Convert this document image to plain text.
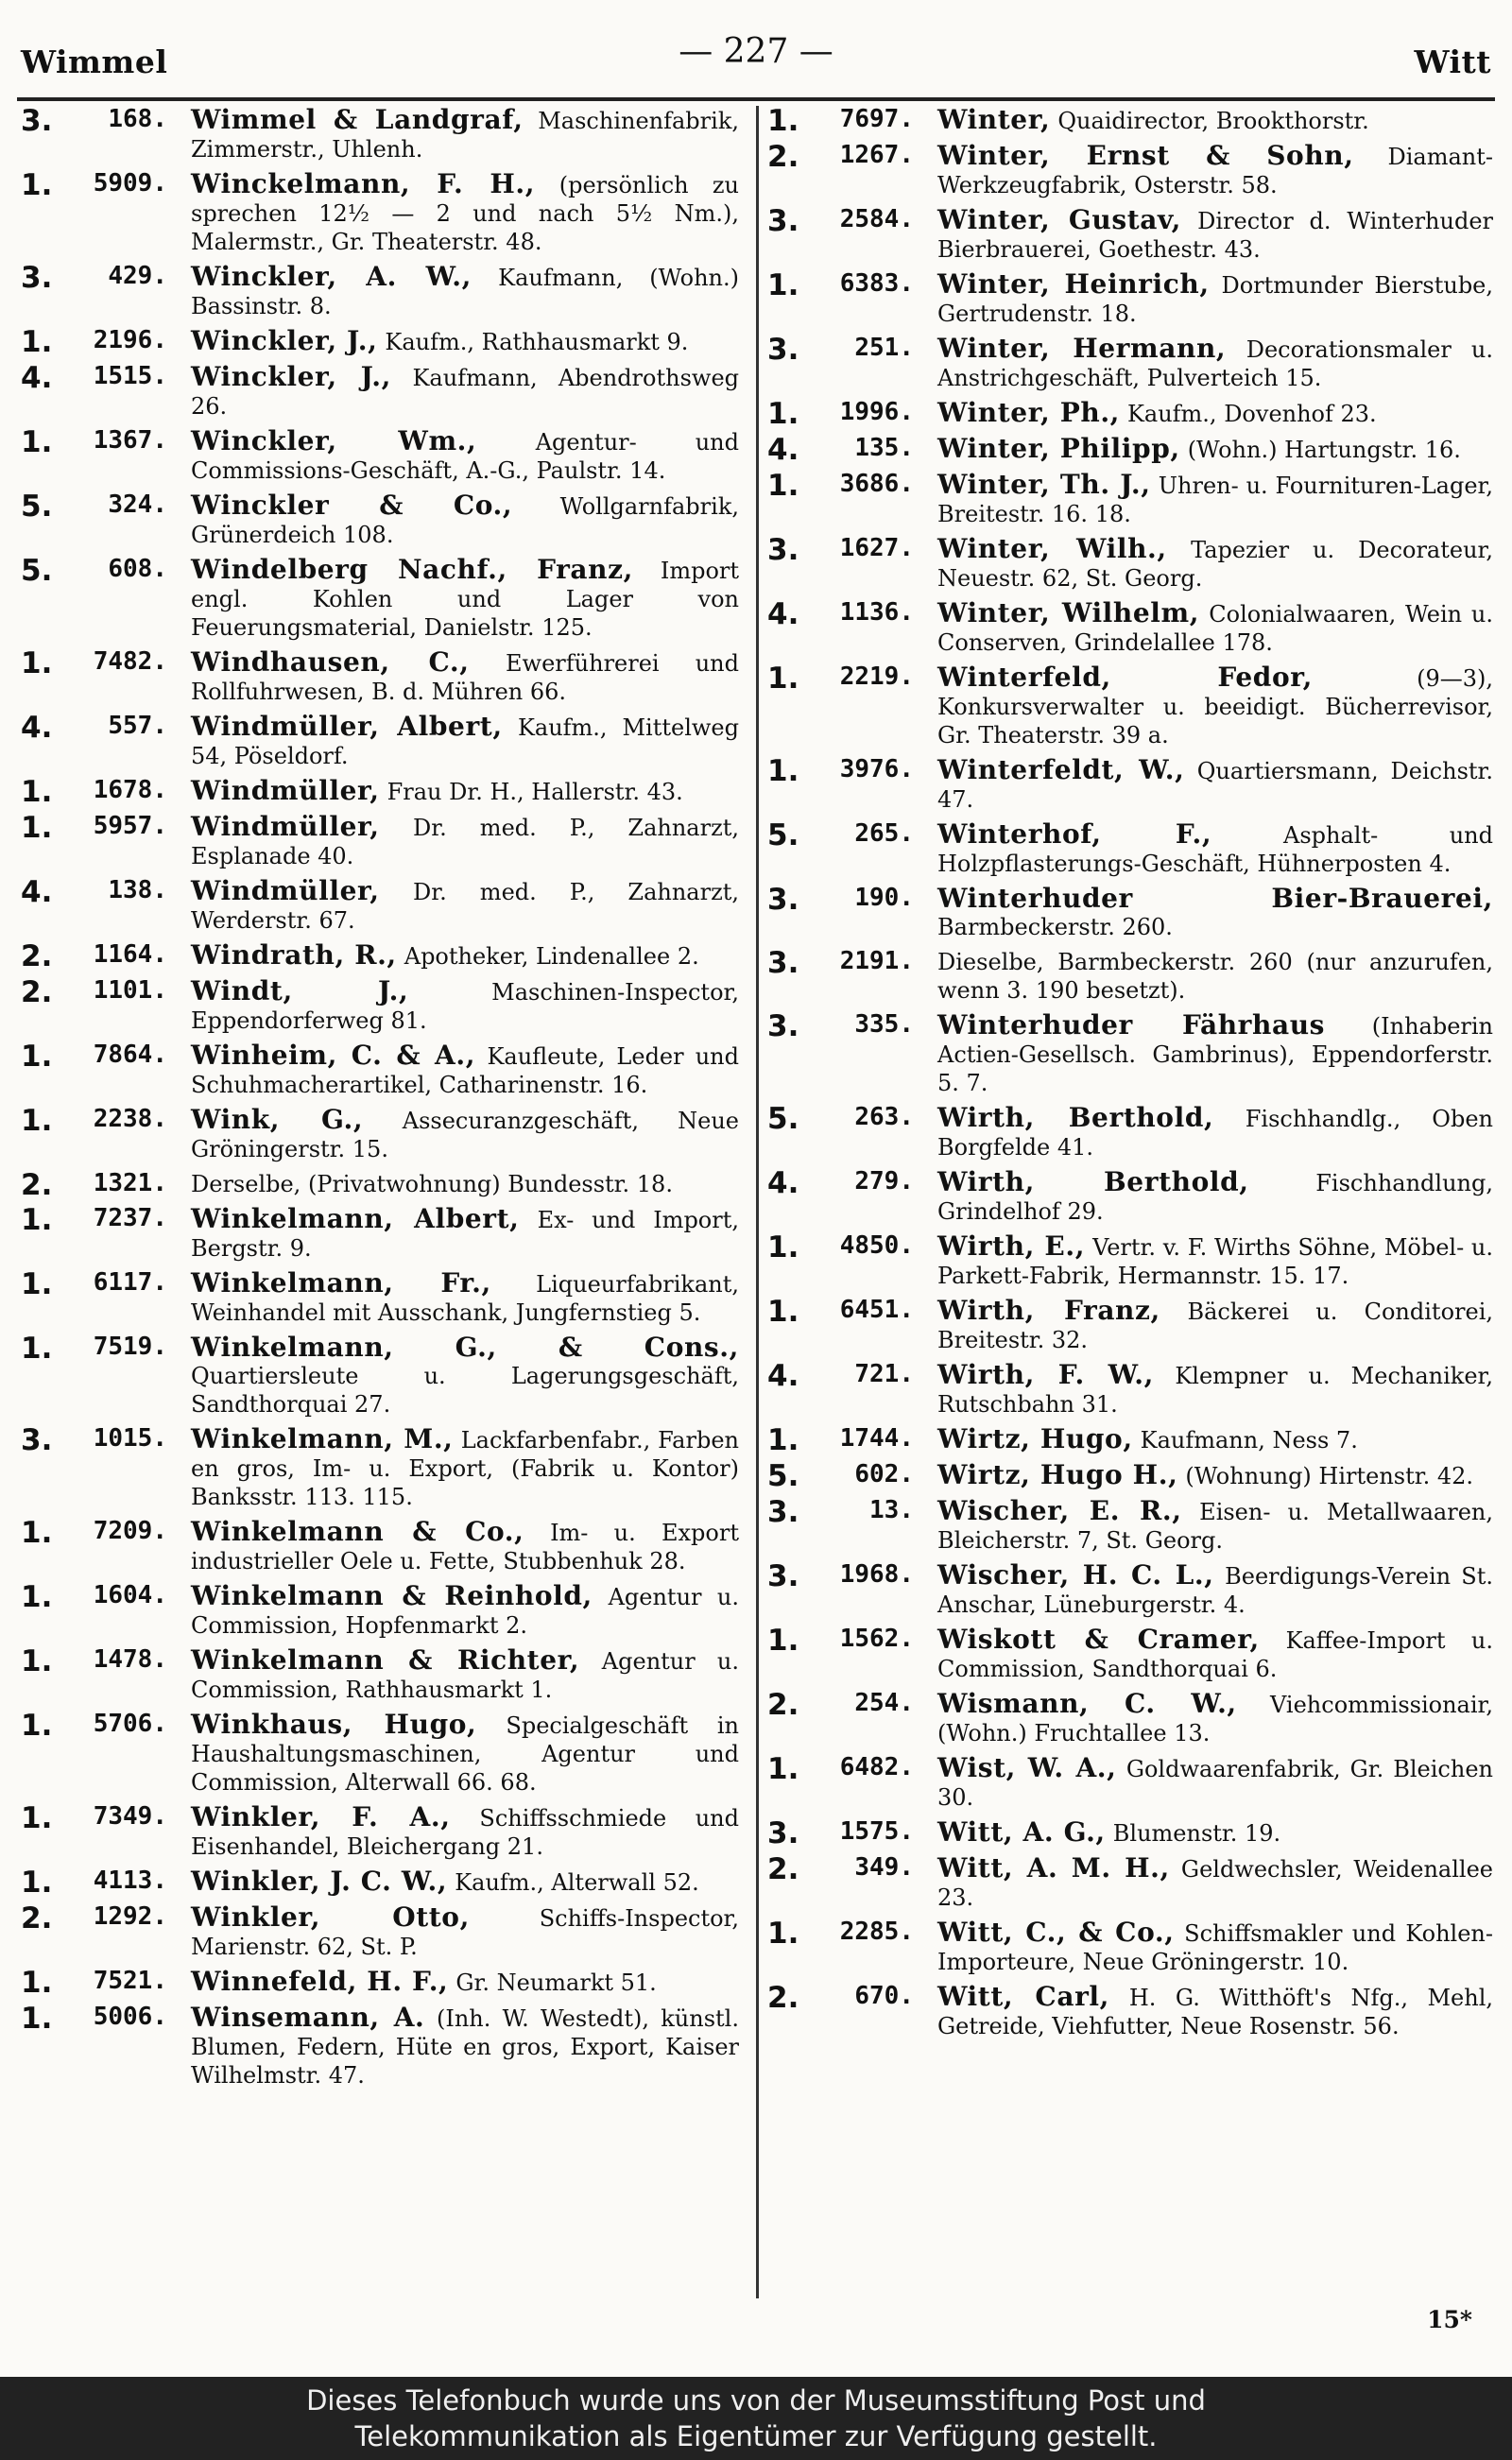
Wimmel	— 227 —	Witt
3.	168. Wimmel & Landgraf, Maschinenfabrik, Zimmerstr., Uhlenh.
1.	5909. Winckelmann, F. H., (persönlich zu sprechen 12½ — 2 und nach 5½ Nm.), Malermstr., Gr. Theaterstr. 48.
3.	429. Winckler, A. W., Kaufmann, (Wohn.) Bassinstr. 8.
1.	2196. Winckler, J., Kaufm., Rathhausmarkt 9.
4.	1515. Winckler, J., Kaufmann, Abendrothsweg 26.
1.	1367. Winckler, Wm.,	Agentur- und Commissions-Geschäft, A.-G., Paulstr. 14.
5.	324. Winckler & Co., Wollgarnfabrik, Grünerdeich 108.
5.	608. Windelberg Nachf., Franz, Import engl. Kohlen und Lager von Feuerungsmaterial, Danielstr. 125.
1.	7482. Windhausen, C., Ewerführerei und Rollfuhrwesen, B. d. Mühren 66.
4.	557. Windmüller, Albert, Kaufm., Mittelweg 54, Pöseldorf.
1.	1678. Windmüller, Frau Dr. H., Hallerstr. 43.
1.	5957. Windmüller, Dr. med. P., Zahnarzt, Esplanade 40.
4.	138. Windmüller, Dr. med. P., Zahnarzt, Werderstr. 67.
2.	1164. Windrath, R., Apotheker, Lindenallee 2.
2.	1101. Windt, J.,	Maschinen-Inspector, Eppendorferweg 81.
1.	7864. Winheim, C. & A., Kaufleute, Leder und Schuhmacherartikel, Catharinenstr. 16.
1.	2238. Wink, G., Assecuranzgeschäft, Neue Gröningerstr. 15.
2.	1321. Derselbe, (Privatwohnung) Bundesstr. 18.
1.	7237. Winkelmann, Albert, Ex- und Import, Bergstr. 9.
1.	6117. Winkelmann, Fr., Liqueurfabrikant, Weinhandel mit Ausschank, Jungfernstieg 5.
1.	7519. Winkelmann, G., & Cons., Quartiersleute u. Lagerungsgeschäft, Sandthorquai 27.
3.	1015. Winkelmann, M., Lackfarbenfabr., Farben en gros, Im- u. Export, (Fabrik u. Kontor) Banksstr. 113. 115.
1.	7209. Winkelmann & Co., Im- u. Export industrieller Oele u. Fette, Stubbenhuk 28.
1.	1604. Winkelmann & Reinhold, Agentur u. Commission, Hopfenmarkt 2.
1.	1478. Winkelmann & Richter, Agentur u. Commission, Rathhausmarkt 1.
1.	5706. Winkhaus, Hugo, Specialgeschäft in Haushaltungsmaschinen, Agentur und Commission, Alterwall 66. 68.
1.	7349. Winkler, F. A., Schiffsschmiede und Eisenhandel, Bleichergang 21.
1.	4113. Winkler, J. C. W., Kaufm., Alterwall 52.
2.	1292. Winkler, Otto,	Schiffs-Inspector, Marienstr. 62, St. P.
1.	7521. Winnefeld, H. F., Gr. Neumarkt 51.
1.	5006. Winsemann, A. (Inh. W. Westedt), künstl. Blumen, Federn, Hüte en gros, Export, Kaiser Wilhelmstr. 47.
1.	7697. Winter, Quaidirector, Brookthorstr.
2.	1267. Winter, Ernst & Sohn, Diamant-Werkzeugfabrik, Osterstr. 58.
3.	2584. Winter, Gustav, Director d. Winterhuder Bierbrauerei, Goethestr. 43.
1.	6383. Winter, Heinrich, Dortmunder Bierstube, Gertrudenstr. 18.
3.	251. Winter, Hermann, Decorationsmaler u. Anstrichgeschäft, Pulverteich 15.
1.	1996. Winter, Ph., Kaufm., Dovenhof 23.
4.	135. Winter, Philipp, (Wohn.) Hartungstr. 16.
1.	3686. Winter, Th. J., Uhren- u. Fournituren-Lager, Breitestr. 16. 18.
3.	1627. Winter, Wilh., Tapezier u. Decorateur, Neuestr. 62, St. Georg.
4.	1136. Winter, Wilhelm, Colonialwaaren, Wein u. Conserven, Grindelallee 178.
1.	2219. Winterfeld, Fedor,	(9—3), Konkursverwalter u. beeidigt. Bücherrevisor, Gr. Theaterstr. 39 a.
1.	3976. Winterfeldt, W., Quartiersmann, Deichstr. 47.
5.	265. Winterhof, F.,	Asphalt- und Holzpflasterungs-Geschäft, Hühnerposten 4.
3.	190. Winterhuder Bier-Brauerei, Barmbeckerstr. 260.
3.	2191. Dieselbe, Barmbeckerstr. 260 (nur anzurufen, wenn 3. 190 besetzt).
3.	335. Winterhuder Fährhaus (Inhaberin Actien-Gesellsch. Gambrinus), Eppendorferstr. 5. 7.
5.	263. Wirth, Berthold, Fischhandlg., Oben Borgfelde 41.
4.	279. Wirth, Berthold,	Fischhandlung, Grindelhof 29.
1.	4850. Wirth, E., Vertr. v. F. Wirths Söhne, Möbel- u. Parkett-Fabrik, Hermannstr. 15. 17.
1.	6451. Wirth, Franz, Bäckerei u. Conditorei, Breitestr. 32.
4.	721. Wirth, F. W., Klempner u. Mechaniker, Rutschbahn 31.
1.	1744. Wirtz, Hugo, Kaufmann, Ness 7.
5.	602. Wirtz, Hugo H., (Wohnung) Hirtenstr. 42.
3.	13. Wischer, E. R., Eisen- u. Metallwaaren, Bleicherstr. 7, St. Georg.
3.	1968. Wischer, H. C. L., Beerdigungs-Verein St. Anschar, Lüneburgerstr. 4.
1.	1562. Wiskott & Cramer, Kaffee-Import u. Commission, Sandthorquai 6.
2.	254. Wismann, C. W., Viehcommissionair, (Wohn.) Fruchtallee 13.
1.	6482. Wist, W. A., Goldwaarenfabrik, Gr. Bleichen 30.
3.	1575. Witt, A. G., Blumenstr. 19.
2.	349. Witt, A. M. H., Geldwechsler, Weidenallee 23.
1.	2285. Witt, C., & Co., Schiffsmakler und Kohlen-Importeure, Neue Gröningerstr. 10.
2.	670. Witt, Carl, H. G. Witthöft's Nfg., Mehl, Getreide, Viehfutter, Neue Rosenstr. 56.
15*
Dieses Telefonbuch wurde uns von der Museumsstiftung Post und
Telekommunikation als Eigentümer zur Verfügung gestellt.
